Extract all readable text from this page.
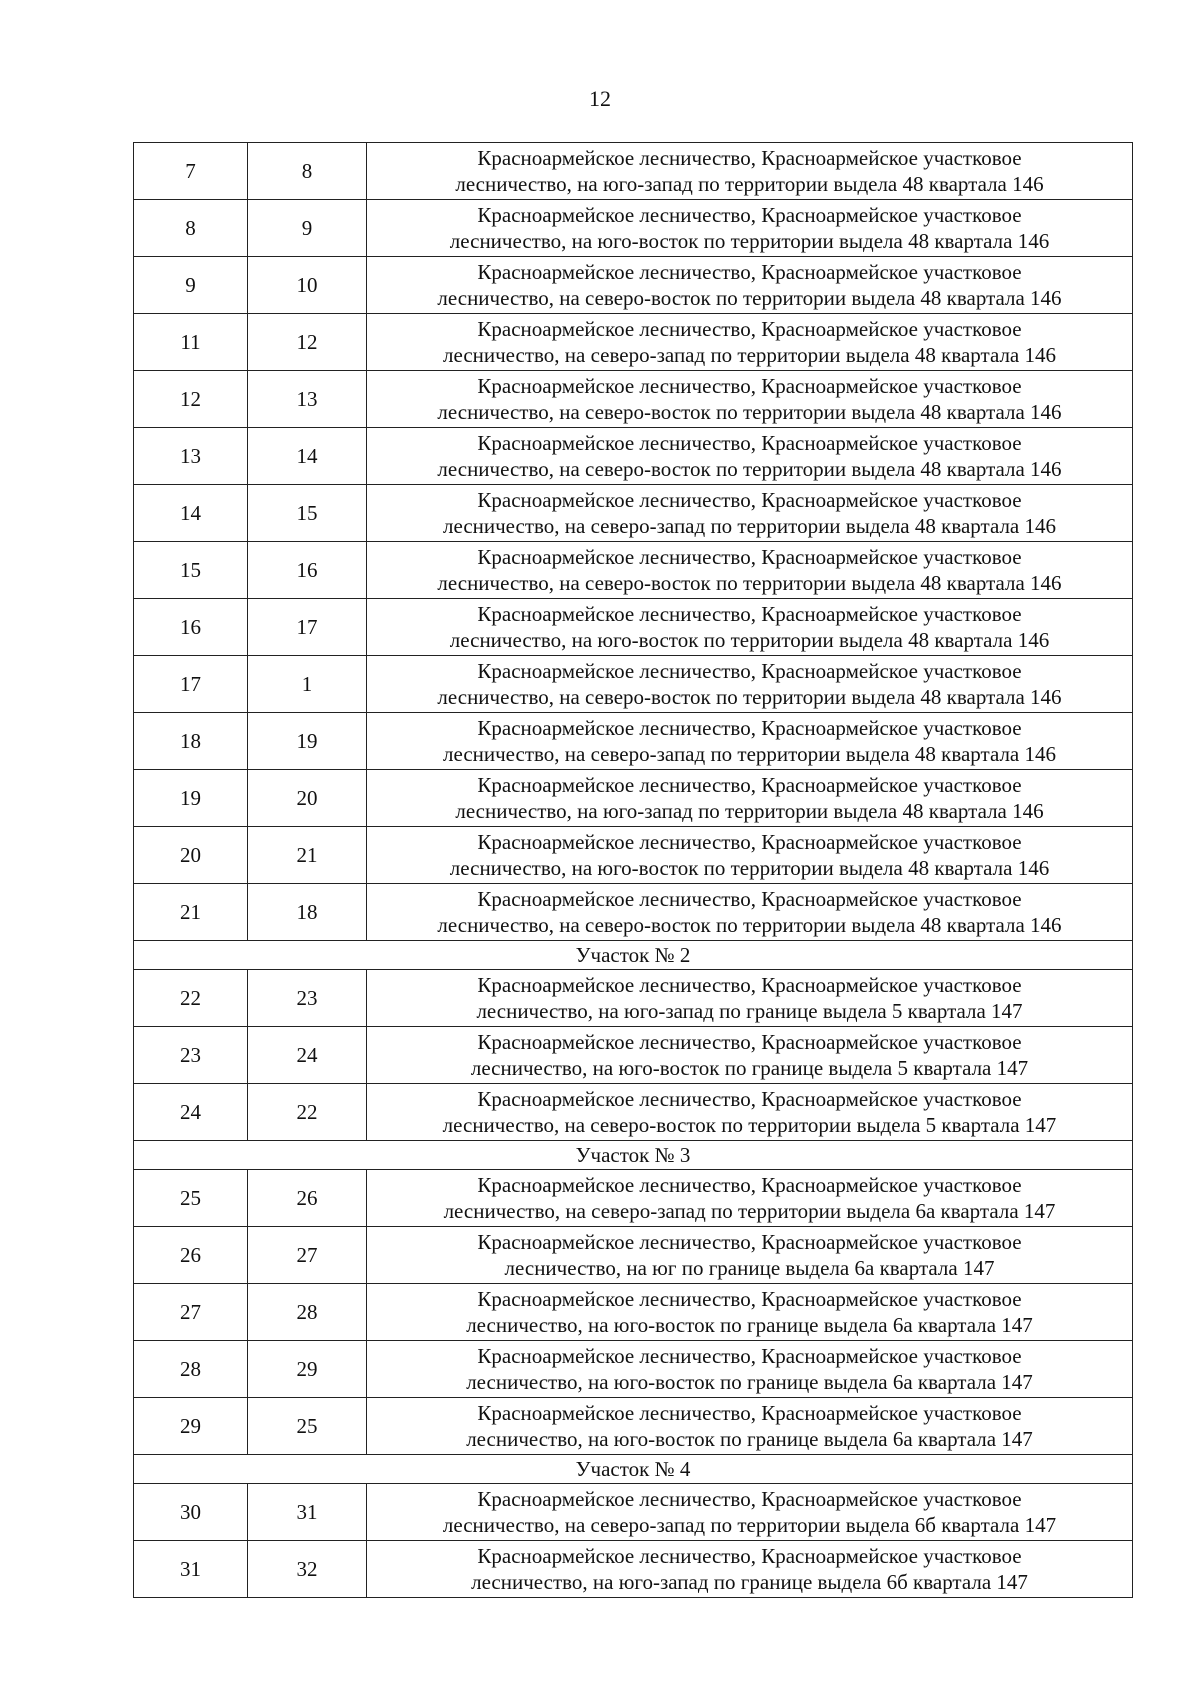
12
7	8	Красноармейское лесничество, Красноармейское участковое
лесничество, на юго-запад по территории выдела 48 квартала 146

8	9	Красноармейское лесничество, Красноармейское участковое
лесничество, на юго-восток по территории выдела 48 квартала 146

9	10	Красноармейское лесничество, Красноармейское участковое
лесничество, на северо-восток по территории выдела 48 квартала 146

11	12	Красноармейское лесничество, Красноармейское участковое
лесничество, на северо-запад по территории выдела 48 квартала 146

12	13	Красноармейское лесничество, Красноармейское участковое
лесничество, на северо-восток по территории выдела 48 квартала 146

13	14	Красноармейское лесничество, Красноармейское участковое
лесничество, на северо-восток по территории выдела 48 квартала 146

14	15	Красноармейское лесничество, Красноармейское участковое
лесничество, на северо-запад по территории выдела 48 квартала 146

15	16	Красноармейское лесничество, Красноармейское участковое
лесничество, на северо-восток по территории выдела 48 квартала 146

16	17	Красноармейское лесничество, Красноармейское участковое
лесничество, на юго-восток по территории выдела 48 квартала 146

17	1	Красноармейское лесничество, Красноармейское участковое
лесничество, на северо-восток по территории выдела 48 квартала 146

18	19	Красноармейское лесничество, Красноармейское участковое
лесничество, на северо-запад по территории выдела 48 квартала 146

19	20	Красноармейское лесничество, Красноармейское участковое
лесничество, на юго-запад по территории выдела 48 квартала 146

20	21	Красноармейское лесничество, Красноармейское участковое
лесничество, на юго-восток по территории выдела 48 квартала 146

21	18	Красноармейское лесничество, Красноармейское участковое
лесничество, на северо-восток по территории выдела 48 квартала 146

Участок № 2		
22	23	Красноармейское лесничество, Красноармейское участковое
лесничество, на юго-запад по границе выдела 5 квартала 147

23	24	Красноармейское лесничество, Красноармейское участковое
лесничество, на юго-восток по границе выдела 5 квартала 147

24	22	Красноармейское лесничество, Красноармейское участковое
лесничество, на северо-восток по территории выдела 5 квартала 147

Участок № 3		
25	26	Красноармейское лесничество, Красноармейское участковое
лесничество, на северо-запад по территории выдела 6а квартала 147

26	27	Красноармейское лесничество, Красноармейское участковое
лесничество, на юг по границе выдела 6а квартала 147

27	28	Красноармейское лесничество, Красноармейское участковое
лесничество, на юго-восток по границе выдела 6а квартала 147

28	29	Красноармейское лесничество, Красноармейское участковое
лесничество, на юго-восток по границе выдела 6а квартала 147

29	25	Красноармейское лесничество, Красноармейское участковое
лесничество, на юго-восток по границе выдела 6а квартала 147

Участок № 4		
30	31	Красноармейское лесничество, Красноармейское участковое
лесничество, на северо-запад по территории выдела 6б квартала 147

31	32	Красноармейское лесничество, Красноармейское участковое
лесничество, на юго-запад по границе выдела 6б квартала 147
